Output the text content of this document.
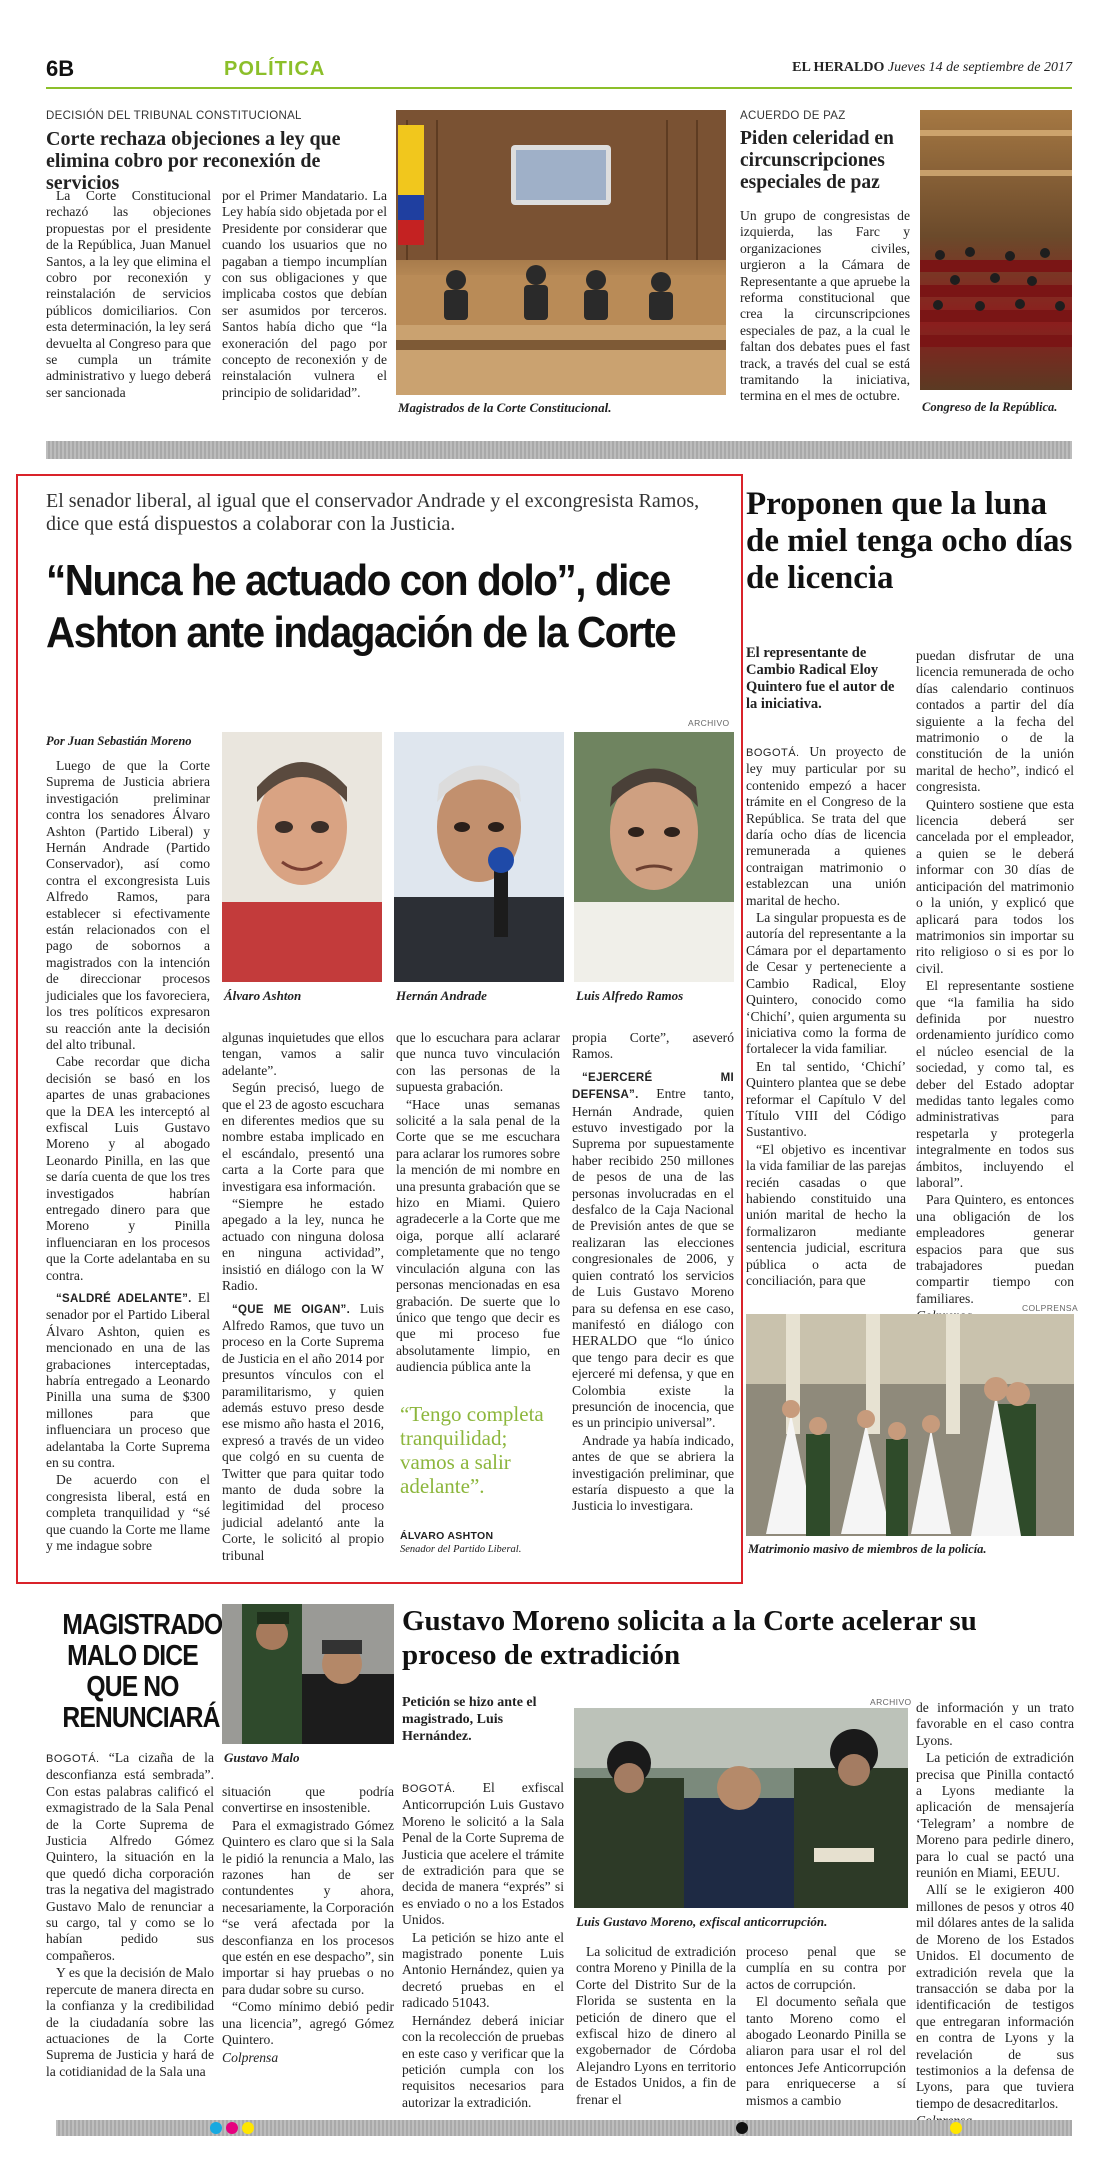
6B	POLÍTICA	EL HERALDO Jueves 14 de septiembre de 2017
DECISIÓN DEL TRIBUNAL CONSTITUCIONAL
Corte rechaza objeciones a ley que elimina cobro por reconexión de servicios

La Corte Constitucional rechazó las objeciones propuestas por el presidente de la República, Juan Manuel Santos, a la ley que elimina el cobro por reconexión y reinstalación de servicios públicos domiciliarios. Con esta determinación, la ley será devuelta al Congreso para que se cumpla un trámite administrativo y luego deberá ser sancionada

por el Primer Mandatario. La Ley había sido objetada por el Presidente por considerar que cuando los usuarios que no pagaban a tiempo incumplían con sus obligaciones y que implicaba costos que debían ser asumidos por terceros. Santos había dicho que “la exoneración del pago por concepto de reconexión y de reinstalación vulnera el principio de solidaridad”.

Magistrados de la Corte Constitucional.
ACUERDO DE PAZ
Piden celeridad en circunscripciones especiales de paz

Un grupo de congresistas de izquierda, las Farc y organizaciones civiles, urgieron a la Cámara de Representante a que apruebe la reforma constitucional que crea la circunscripciones especiales de paz, a la cual le faltan dos debates pues el fast track, a través del cual se está tramitando la iniciativa, termina en el mes de octubre.

Congreso de la República.
El senador liberal, al igual que el conservador Andrade y el excongresista Ramos, dice que está dispuestos a colaborar con la Justicia.
“Nunca he actuado con dolo”, dice Ashton ante indagación de la Corte
ARCHIVO
Por Juan Sebastián Moreno
Álvaro Ashton	Hernán Andrade	Luis Alfredo Ramos

Luego de que la Corte Suprema de Justicia abriera investigación preliminar contra los senadores Álvaro Ashton (Partido Liberal) y Hernán Andrade (Partido Conservador), así como contra el excongresista Luis Alfredo Ramos, para establecer si efectivamente están relacionados con el pago de sobornos a magistrados con la intención de direccionar procesos judiciales que los favoreciera, los tres políticos expresaron su reacción ante la decisión del alto tribunal.

Cabe recordar que dicha decisión se basó en los apartes de unas grabaciones que la DEA les interceptó al exfiscal Luis Gustavo Moreno y al abogado Leonardo Pinilla, en las que se daría cuenta de que los tres investigados habrían entregado dinero para que Moreno y Pinilla influenciaran en los procesos que la Corte adelantaba en su contra.

“SALDRÉ ADELANTE”. El senador por el Partido Liberal Álvaro Ashton, quien es mencionado en una de las grabaciones interceptadas, habría entregado a Leonardo Pinilla una suma de $300 millones para que influenciara un proceso que adelantaba la Corte Suprema en su contra.

De acuerdo con el congresista liberal, está en completa tranquilidad y “sé que cuando la Corte me llame y me indague sobre

algunas inquietudes que ellos tengan, vamos a salir adelante”.

Según precisó, luego de que el 23 de agosto escuchara en diferentes medios que su nombre estaba implicado en el escándalo, presentó una carta a la Corte para que investigara esa información.

“Siempre he estado apegado a la ley, nunca he actuado con ninguna dolosa en ninguna actividad”, insistió en diálogo con la W Radio.

“QUE ME OIGAN”. Luis Alfredo Ramos, que tuvo un proceso en la Corte Suprema de Justicia en el año 2014 por presuntos vínculos con el paramilitarismo, y quien además estuvo preso desde ese mismo año hasta el 2016, expresó a través de un video que colgó en su cuenta de Twitter que para quitar todo manto de duda sobre la legitimidad del proceso judicial adelantó ante la Corte, le solicitó al propio tribunal

que lo escuchara para aclarar que nunca tuvo vinculación con las personas de la supuesta grabación.

“Hace unas semanas solicité a la sala penal de la Corte que se me escuchara para aclarar los rumores sobre la mención de mi nombre en una presunta grabación que se hizo en Miami. Quiero agradecerle a la Corte que me oiga, porque allí aclararé completamente que no tengo vinculación alguna con las personas mencionadas en esa grabación. De suerte que lo único que tengo que decir es que mi proceso fue absolutamente limpio, en audiencia pública ante la

“Tengo completa tranquilidad; vamos a salir adelante”.
ÁLVARO ASHTON
Senador del Partido Liberal.

propia Corte”, aseveró Ramos.

“EJERCERÉ MI DEFENSA”. Entre tanto, Hernán Andrade, quien estuvo investigado por la Suprema por supuestamente haber recibido 250 millones de pesos de una de las personas involucradas en el desfalco de la Caja Nacional de Previsión antes de que se realizaran las elecciones congresionales de 2006, y quien contrató los servicios de Luis Gustavo Moreno para su defensa en ese caso, manifestó en diálogo con HERALDO que “lo único que tengo para decir es que ejerceré mi defensa, y que en Colombia existe la presunción de inocencia, que es un principio universal”.

Andrade ya había indicado, antes de que se abriera la investigación preliminar, que estaría dispuesto a que la Justicia lo investigara.

Proponen que la luna de miel tenga ocho días de licencia
El representante de Cambio Radical Eloy Quintero fue el autor de la iniciativa.

BOGOTÁ. Un proyecto de ley muy particular por su contenido empezó a hacer trámite en el Congreso de la República. Se trata del que daría ocho días de licencia remunerada a quienes contraigan matrimonio o establezcan una unión marital de hecho.

La singular propuesta es de autoría del representante a la Cámara por el departamento de Cesar y perteneciente a Cambio Radical, Eloy Quintero, conocido como ‘Chichí’, quien argumenta su iniciativa como la forma de fortalecer la vida familiar.

En tal sentido, ‘Chichí’ Quintero plantea que se debe reformar el Capítulo V del Título VIII del Código Sustantivo.

“El objetivo es incentivar la vida familiar de las parejas recién casadas o que habiendo constituido una unión marital de hecho la formalizaron mediante sentencia judicial, escritura pública o acta de conciliación, para que

puedan disfrutar de una licencia remunerada de ocho días calendario continuos contados a partir del día siguiente a la fecha del matrimonio o de la constitución de la unión marital de hecho”, indicó el congresista.

Quintero sostiene que esta licencia deberá ser cancelada por el empleador, a quien se le deberá informar con 30 días de anticipación del matrimonio o la unión, y explicó que aplicará para todos los matrimonios sin importar su rito religioso o si es por lo civil.

El representante sostiene que “la familia ha sido definida por nuestro ordenamiento jurídico como el núcleo esencial de la sociedad, y como tal, es deber del Estado adoptar medidas tanto legales como administrativas para respetarla y protegerla integralmente en todos sus ámbitos, incluyendo el laboral”.

Para Quintero, es entonces una obligación de los empleadores generar espacios para que sus trabajadores puedan compartir tiempo con familiares.

COLPRENSA
Matrimonio masivo de miembros de la policía.
MAGISTRADO MALO DICE QUE NO RENUNCIARÁ
Gustavo Malo

BOGOTÁ. “La cizaña de la desconfianza está sembrada”. Con estas palabras calificó el exmagistrado de la Sala Penal de la Corte Suprema de Justicia Alfredo Gómez Quintero, la situación en la que quedó dicha corporación tras la negativa del magistrado Gustavo Malo de renunciar a su cargo, tal y como se lo habían pedido sus compañeros.

Y es que la decisión de Malo repercute de manera directa en la confianza y la credibilidad de la ciudadanía sobre las actuaciones de la Corte Suprema de Justicia y hará de la cotidianidad de la Sala una

situación que podría convertirse en insostenible.

Para el exmagistrado Gómez Quintero es claro que si la Sala le pidió la renuncia a Malo, las razones han de ser contundentes y ahora, necesariamente, la Corporación “se verá afectada por la desconfianza en los procesos que estén en ese despacho”, sin importar si hay pruebas o no para dudar sobre su curso.

“Como mínimo debió pedir una licencia”, agregó Gómez Quintero.

Colprensa

Gustavo Moreno solicita a la Corte acelerar su proceso de extradición
Petición se hizo ante el magistrado, Luis Hernández.
ARCHIVO
Luis Gustavo Moreno, exfiscal anticorrupción.

BOGOTÁ. El exfiscal Anticorrupción Luis Gustavo Moreno le solicitó a la Sala Penal de la Corte Suprema de Justicia que acelere el trámite de extradición para que se decida de manera “exprés” si es enviado o no a los Estados Unidos.

La petición se hizo ante el magistrado ponente Luis Antonio Hernández, quien ya decretó pruebas en el radicado 51043.

Hernández deberá iniciar con la recolección de pruebas en este caso y verificar que la petición cumpla con los requisitos necesarios para autorizar la extradición.

La solicitud de extradición contra Moreno y Pinilla de la Corte del Distrito Sur de la Florida se sustenta en la petición de dinero que el exfiscal hizo de dinero al exgobernador de Córdoba Alejandro Lyons en territorio de Estados Unidos, a fin de frenar el

proceso penal que se cumplía en su contra por actos de corrupción.

El documento señala que tanto Moreno como el abogado Leonardo Pinilla se aliaron para usar el rol del entonces Jefe Anticorrupción para enriquecerse a sí mismos a cambio

de información y un trato favorable en el caso contra Lyons.

La petición de extradición precisa que Pinilla contactó a Lyons mediante la aplicación de mensajería ‘Telegram’ a nombre de Moreno para pedirle dinero, para lo cual se pactó una reunión en Miami, EEUU.

Allí se le exigieron 400 millones de pesos y otros 40 mil dólares antes de la salida de Moreno de los Estados Unidos. El documento de extradición revela que la transacción se daba por la identificación de testigos que entregaran información en contra de Lyons y la revelación de sus testimonios a la defensa de Lyons, para que tuviera tiempo de desacreditarlos.
